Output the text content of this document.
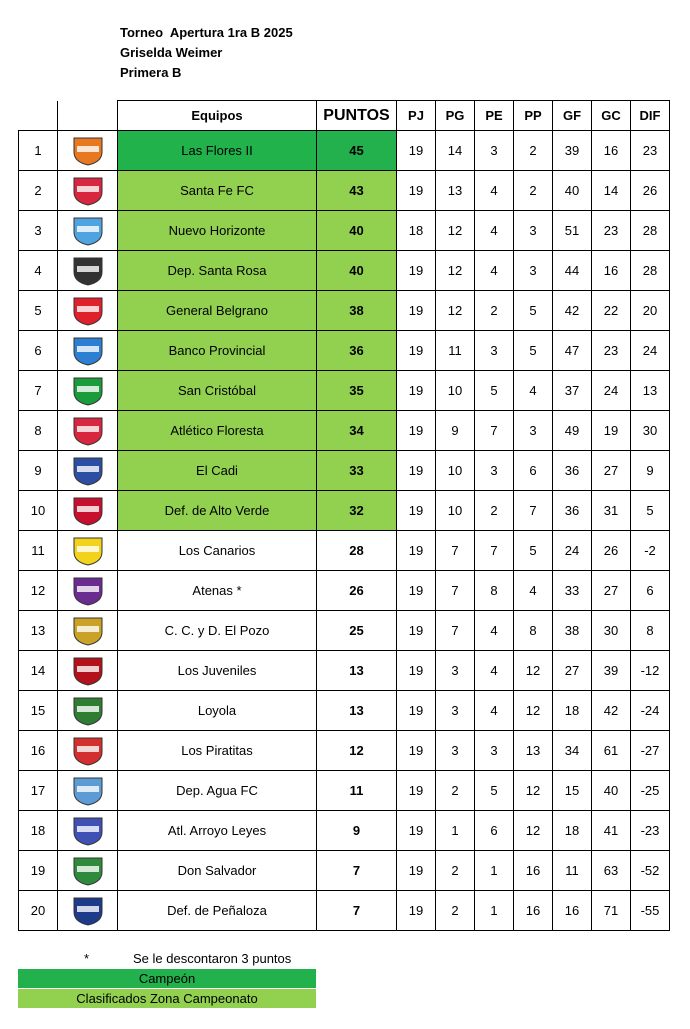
Torneo  Apertura 1ra B 2025
Griselda Weimer
Primera B
		Equipos	PUNTOS	PJ	PG	PE	PP	GF	GC	DIF
1		Las Flores II	45	19	14	3	2	39	16	23
2		Santa Fe FC	43	19	13	4	2	40	14	26
3		Nuevo Horizonte	40	18	12	4	3	51	23	28
4		Dep. Santa Rosa	40	19	12	4	3	44	16	28
5		General Belgrano	38	19	12	2	5	42	22	20
6		Banco Provincial	36	19	11	3	5	47	23	24
7		San Cristóbal	35	19	10	5	4	37	24	13
8		Atlético Floresta	34	19	9	7	3	49	19	30
9		El Cadi	33	19	10	3	6	36	27	9
10		Def. de Alto Verde	32	19	10	2	7	36	31	5
11		Los Canarios	28	19	7	7	5	24	26	-2
12		Atenas *	26	19	7	8	4	33	27	6
13		C. C. y D. El Pozo	25	19	7	4	8	38	30	8
14		Los Juveniles	13	19	3	4	12	27	39	-12
15		Loyola	13	19	3	4	12	18	42	-24
16		Los Piratitas	12	19	3	3	13	34	61	-27
17		Dep. Agua FC	11	19	2	5	12	15	40	-25
18		Atl. Arroyo Leyes	9	19	1	6	12	18	41	-23
19		Don Salvador	7	19	2	1	16	11	63	-52
20		Def. de Peñaloza	7	19	2	1	16	16	71	-55
*	Se le descontaron 3 puntos
Campeón
Clasificados Zona Campeonato
